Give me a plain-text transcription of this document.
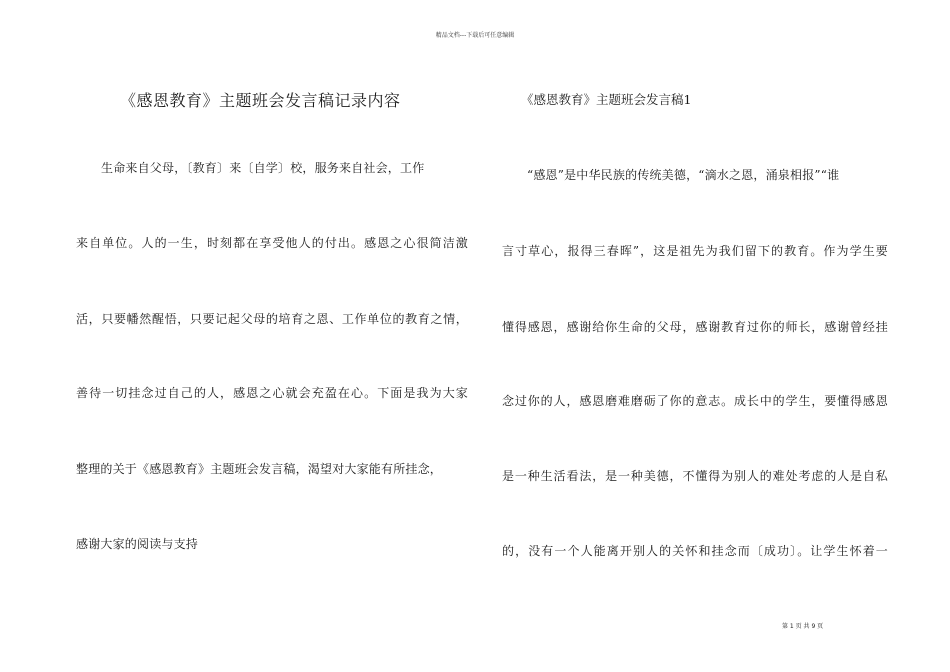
精品文档---下载后可任意编辑
《感恩教育》主题班会发言稿记录内容
生命来自父母，〔教育〕来〔自学〕校，服务来自社会，工作
来自单位。人的一生，时刻都在享受他人的付出。感恩之心很简洁激
活，只要幡然醒悟，只要记起父母的培育之恩、工作单位的教育之情，
善待一切挂念过自己的人，感恩之心就会充盈在心。下面是我为大家
整理的关于《感恩教育》主题班会发言稿，渴望对大家能有所挂念，
感谢大家的阅读与支持
《感恩教育》主题班会发言稿1
“感恩”是中华民族的传统美德，“滴水之恩，涌泉相报”“谁
言寸草心，报得三春晖”，这是祖先为我们留下的教育。作为学生要
懂得感恩，感谢给你生命的父母，感谢教育过你的师长，感谢曾经挂
念过你的人，感恩磨难磨砺了你的意志。成长中的学生，要懂得感恩
是一种生活看法，是一种美德，不懂得为别人的难处考虑的人是自私
的，没有一个人能离开别人的关怀和挂念而〔成功〕。让学生怀着一
第 1 页 共 9 页
